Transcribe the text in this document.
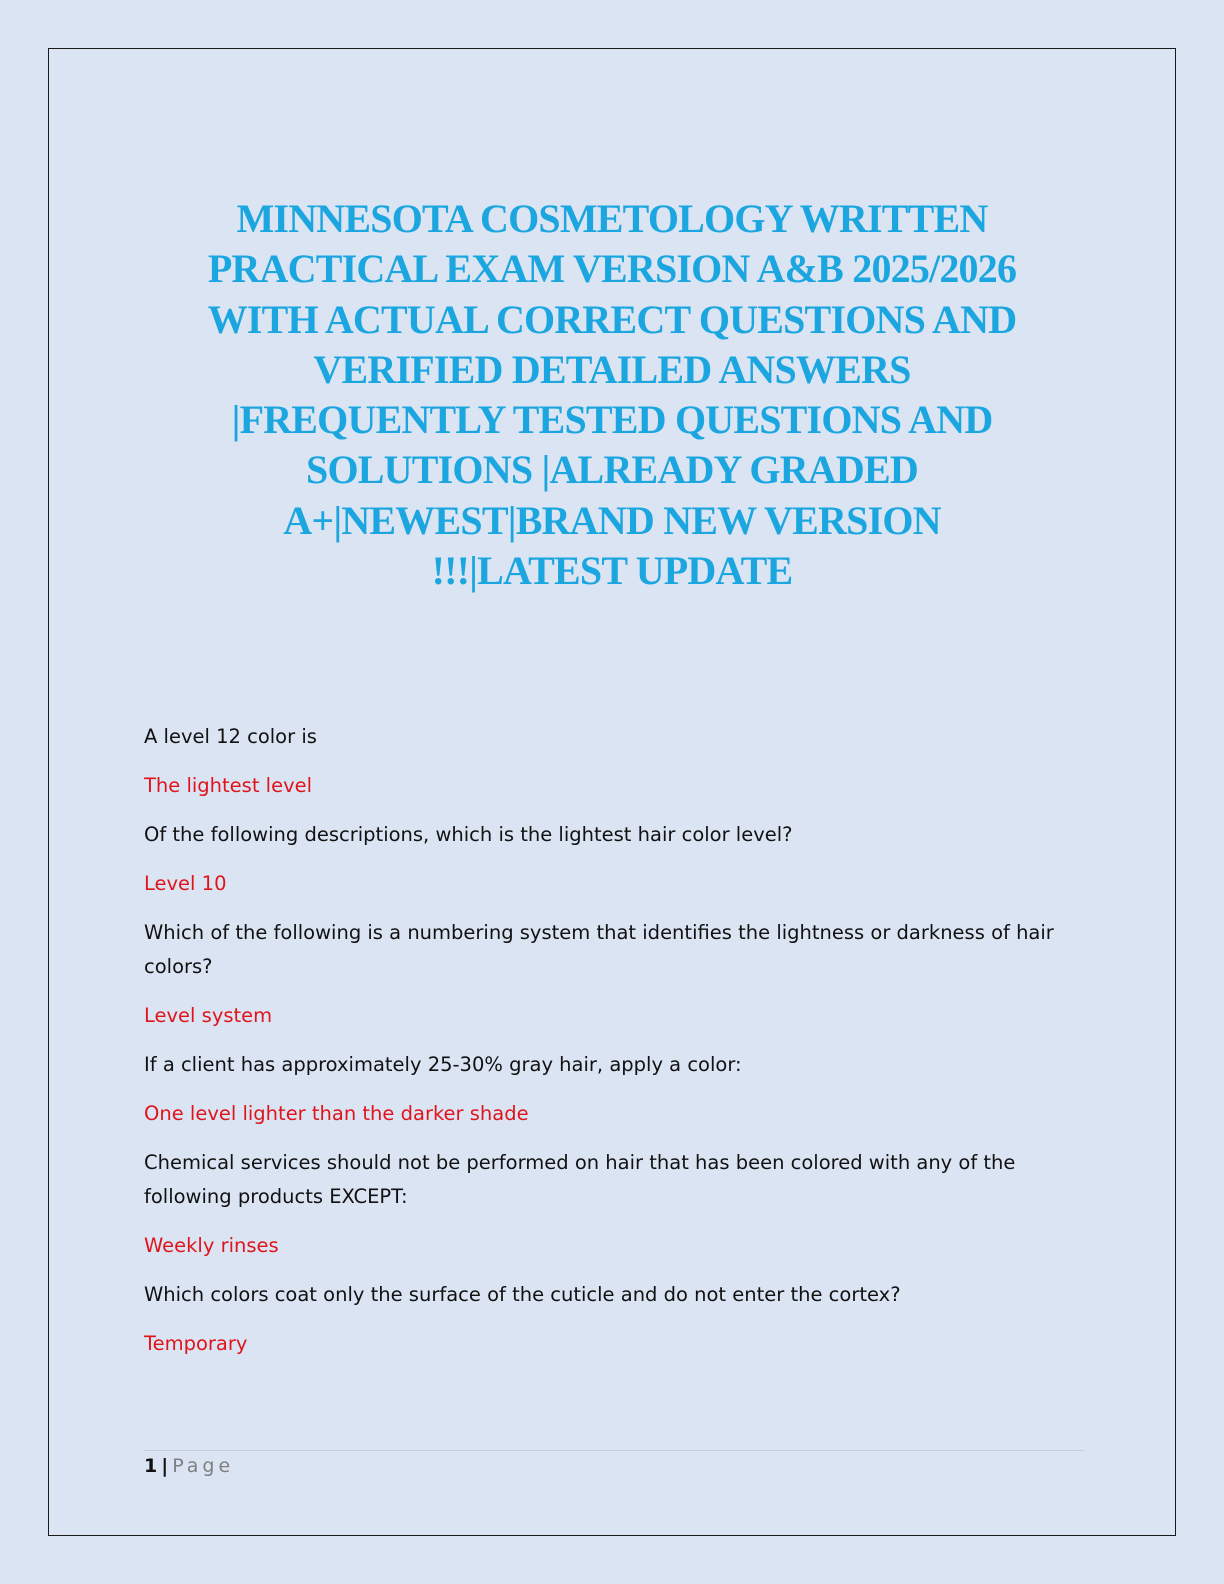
MINNESOTA COSMETOLOGY WRITTEN
PRACTICAL EXAM VERSION A&B 2025/2026
WITH ACTUAL CORRECT QUESTIONS AND
VERIFIED DETAILED ANSWERS
|FREQUENTLY TESTED QUESTIONS AND
SOLUTIONS |ALREADY GRADED
A+|NEWEST|BRAND NEW VERSION
!!!|LATEST UPDATE

A level 12 color is

The lightest level

Of the following descriptions, which is the lightest hair color level?

Level 10

Which of the following is a numbering system that identifies the lightness or darkness of hair colors?

Level system

If a client has approximately 25-30% gray hair, apply a color:

One level lighter than the darker shade

Chemical services should not be performed on hair that has been colored with any of the following products EXCEPT:

Weekly rinses

Which colors coat only the surface of the cuticle and do not enter the cortex?

Temporary

1 | Page
